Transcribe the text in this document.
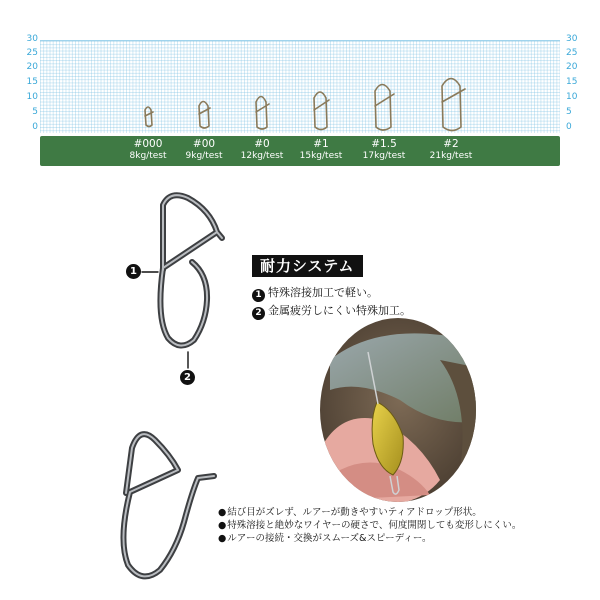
30
25
20
15
10
5
0
30
25
20
15
10
5
0
#000
8kg/test
#00
9kg/test
#0
12kg/test
#1
15kg/test
#1.5
17kg/test
#2
21kg/test
1
2
耐力システム
1 特殊溶接加工で軽い。
2 金属疲労しにくい特殊加工。
●結び目がズレず、ルアーが動きやすいティアドロップ形状。
●特殊溶接と絶妙なワイヤーの硬さで、何度開閉しても変形しにくい。
●ルアーの接続・交換がスムーズ&スピーディー。
